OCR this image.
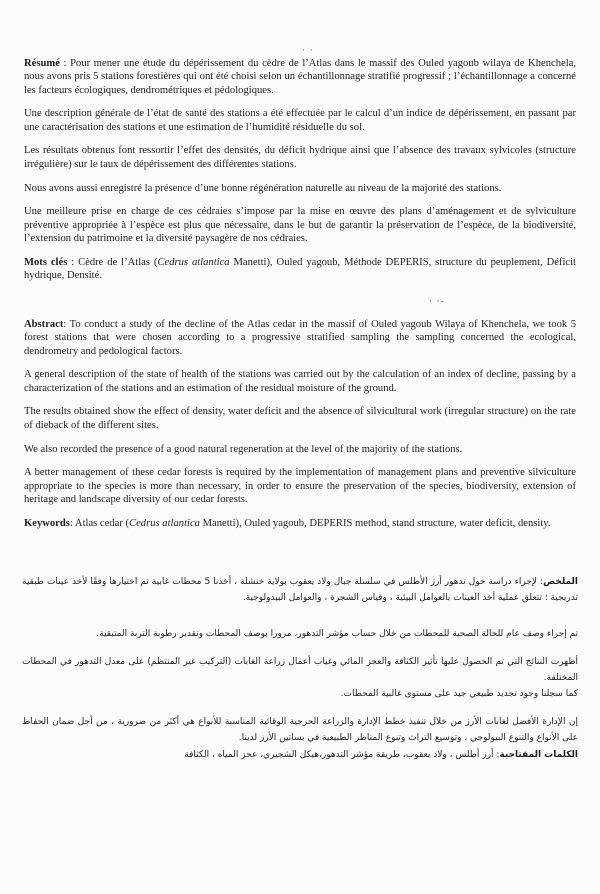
· ·
· ·-

Résumé : Pour mener une étude du dépérissement du cèdre de l’Atlas dans le massif des Ouled yagoub wilaya de Khenchela, nous avons pris 5 stations forestières qui ont été choisi selon un échantillonnage stratifié progressif ; l’échantillonnage a concerné les facteurs écologiques, dendrométriques et pédologiques.

Une description générale de l’état de santé des stations a été effectuée par le calcul d’un indice de dépérissement, en passant par une caractérisation des stations et une estimation de l’humidité résiduelle du sol.

Les résultats obtenus font ressortir l’effet des densités, du déficit hydrique ainsi que l’absence des travaux sylvicoles (structure irrégulière) sur le taux de dépérissement des différentes stations.

Nous avons aussi enregistré la présence d’une bonne régénération naturelle au niveau de la majorité des stations.

Une meilleure prise en charge de ces cédraies s’impose par la mise en œuvre des plans d’aménagement et de sylviculture préventive appropriée à l’espèce est plus que nécessaire, dans le but de garantir la préservation de l’espèce, de la biodiversité, l’extension du patrimoine et la diversité paysagère de nos cédraies.

Mots clés : Cèdre de l’Atlas (Cedrus atlantica Manetti), Ouled yagoub, Méthode DEPERIS, structure du peuplement, Déficit hydrique, Densité.

Abstract: To conduct a study of the decline of the Atlas cedar in the massif of Ouled yagoub Wilaya of Khenchela, we took 5 forest stations that were chosen according to a progressive stratified sampling the sampling concerned the ecological, dendrometry and pedological factors.

A general description of the state of health of the stations was carried out by the calculation of an index of decline, passing by a characterization of the stations and an estimation of the residual moisture of the ground.

The results obtained show the effect of density, water deficit and the absence of silvicultural work (irregular structure) on the rate of dieback of the different sites.

We also recorded the presence of a good natural regeneration at the level of the majority of the stations.

A better management of these cedar forests is required by the implementation of management plans and preventive silviculture appropriate to the species is more than necessary, in order to ensure the preservation of the species, biodiversity, extension of heritage and landscape diversity of our cedar forests.

Keywords: Atlas cedar (Cedrus atlantica Manetti), Ouled yagoub, DEPERIS method, stand structure, water deficit, density.

الملخص: لإجراء دراسة حول تدهور أرز الأطلس في سلسلة جبال ولاد يعقوب بولاية خنشلة ، أخذنا 5 محطات غابية تم اختيارها وفقًا لأخذ عينات طبقية تدريجية ؛ تتعلق عملية أخذ العينات بالعوامل البيئية ، وقياس الشجرة ، والعوامل البيدولوجية.

تم إجراء وصف عام للحالة الصحية للمحطات من خلال حساب مؤشر التدهور، مرورا بوصف المحطات وتقدير رطوبة التربة المتبقية.

أظهرت النتائج التي تم الحصول عليها تأثير الكثافة والعجز المائي وغياب أعمال زراعة الغابات (التركيب غير المنتظم) على معدل التدهور في المحطات المختلفة.

كما سجلنا وجود تجديد طبيعي جيد على مستوى غالبية المحطات.

إن الإدارة الأفضل لغابات الأرز من خلال تنفيذ خطط الإدارة والزراعة الحرجية الوقائية المناسبة للأنواع هي أكثر من ضرورية ، من أجل ضمان الحفاظ على الأنواع والتنوع البيولوجي ، وتوسيع التراث وتنوع المناظر الطبيعية في بساتين الأرز لدينا.

الكلمات المفتاحية: أرز أطلس ، ولاد يعقوب، طريقة مؤشر التدهور،هيكل الشجيري، عجز المياه ، الكثافة
